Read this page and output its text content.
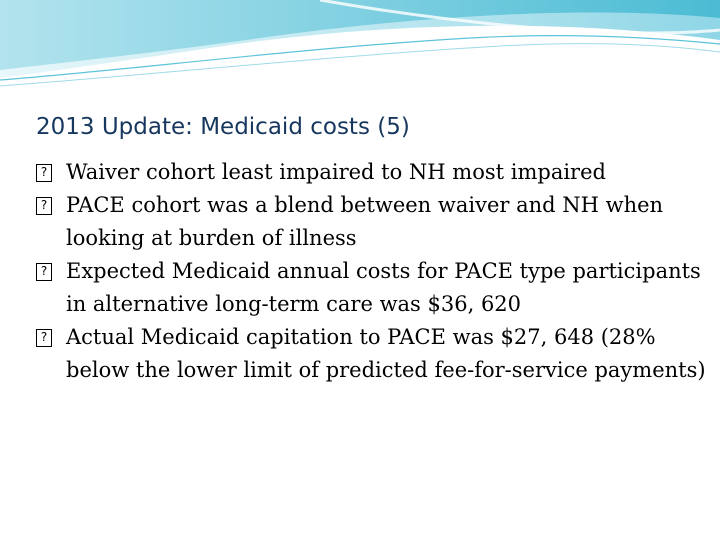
2013 Update: Medicaid costs (5)
? Waiver cohort least impaired to NH most impaired
? PACE cohort was a blend between waiver and NH when looking at burden of illness
? Expected Medicaid annual costs for PACE type participants in alternative long-term care was $36, 620
? Actual Medicaid capitation to PACE was $27, 648 (28% below the lower limit of predicted fee-for-service payments)
